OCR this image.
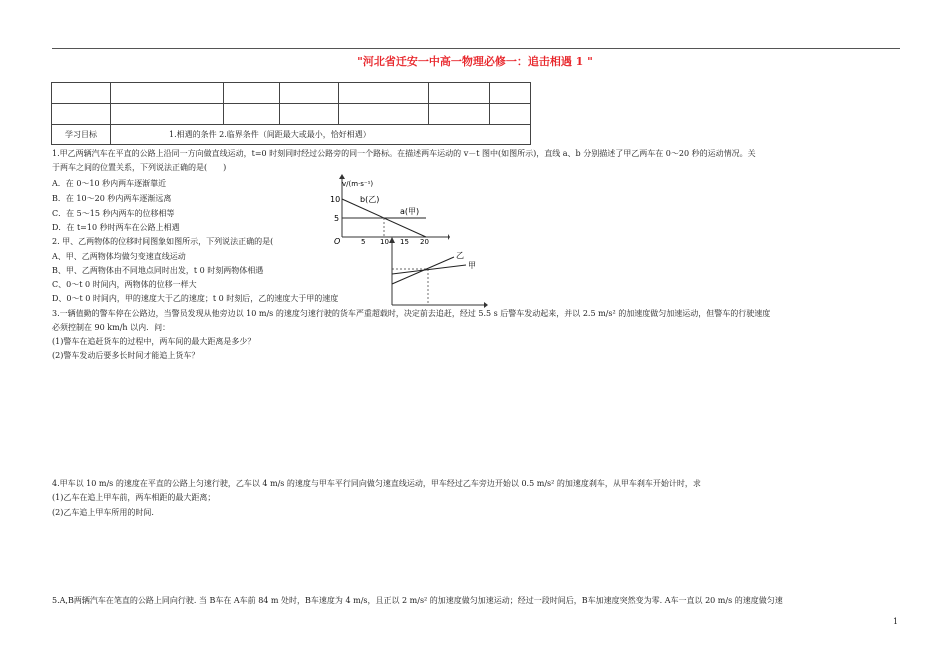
"河北省迁安一中高一物理必修一：追击相遇 1 "

学习目标	1.相遇的条件 2.临界条件（间距最大或最小，恰好相遇）					
1.甲乙两辆汽车在平直的公路上沿同一方向做直线运动，t=0 时刻同时经过公路旁的同一个路标。在描述两车运动的 v－t 图中(如图所示)，直线 a、b 分别描述了甲乙两车在 0～20 秒的运动情况。关
于两车之间的位置关系，下列说法正确的是(　　)
A．在 0～10 秒内两车逐渐靠近
B．在 10～20 秒内两车逐渐远离
C．在 5～15 秒内两车的位移相等
D．在 t=10 秒时两车在公路上相遇
2. 甲、乙两物体的位移时间图象如图所示，下列说法正确的是(
A、甲、乙两物体均做匀变速直线运动
B、甲、乙两物体由不同地点同时出发，t 0 时刻两物体相遇
C、0～t 0 时间内，两物体的位移一样大
D、0～t 0 时间内，甲的速度大于乙的速度；t 0 时刻后，乙的速度大于甲的速度
v/(m·s⁻¹)
10
5
O
b(乙)
a(甲)
5 10 15 20
乙
甲
3.一辆值勤的警车停在公路边，当警员发现从他旁边以 10 m/s 的速度匀速行驶的货车严重超载时，决定前去追赶，经过 5.5 s 后警车发动起来，并以 2.5 m/s² 的加速度做匀加速运动，但警车的行驶速度
必须控制在 90 km/h 以内．问：
(1)警车在追赶货车的过程中，两车间的最大距离是多少？
(2)警车发动后要多长时间才能追上货车？
4.甲车以 10 m/s 的速度在平直的公路上匀速行驶，乙车以 4 m/s 的速度与甲车平行同向做匀速直线运动，甲车经过乙车旁边开始以 0.5 m/s² 的加速度刹车，从甲车刹车开始计时，求
(1)乙车在追上甲车前，两车相距的最大距离；
(2)乙车追上甲车所用的时间.
5.A,B两辆汽车在笔直的公路上同向行驶. 当 B车在 A车前 84 m 处时，B车速度为 4 m/s，且正以 2 m/s² 的加速度做匀加速运动；经过一段时间后，B车加速度突然变为零. A车一直以 20 m/s 的速度做匀速
1
